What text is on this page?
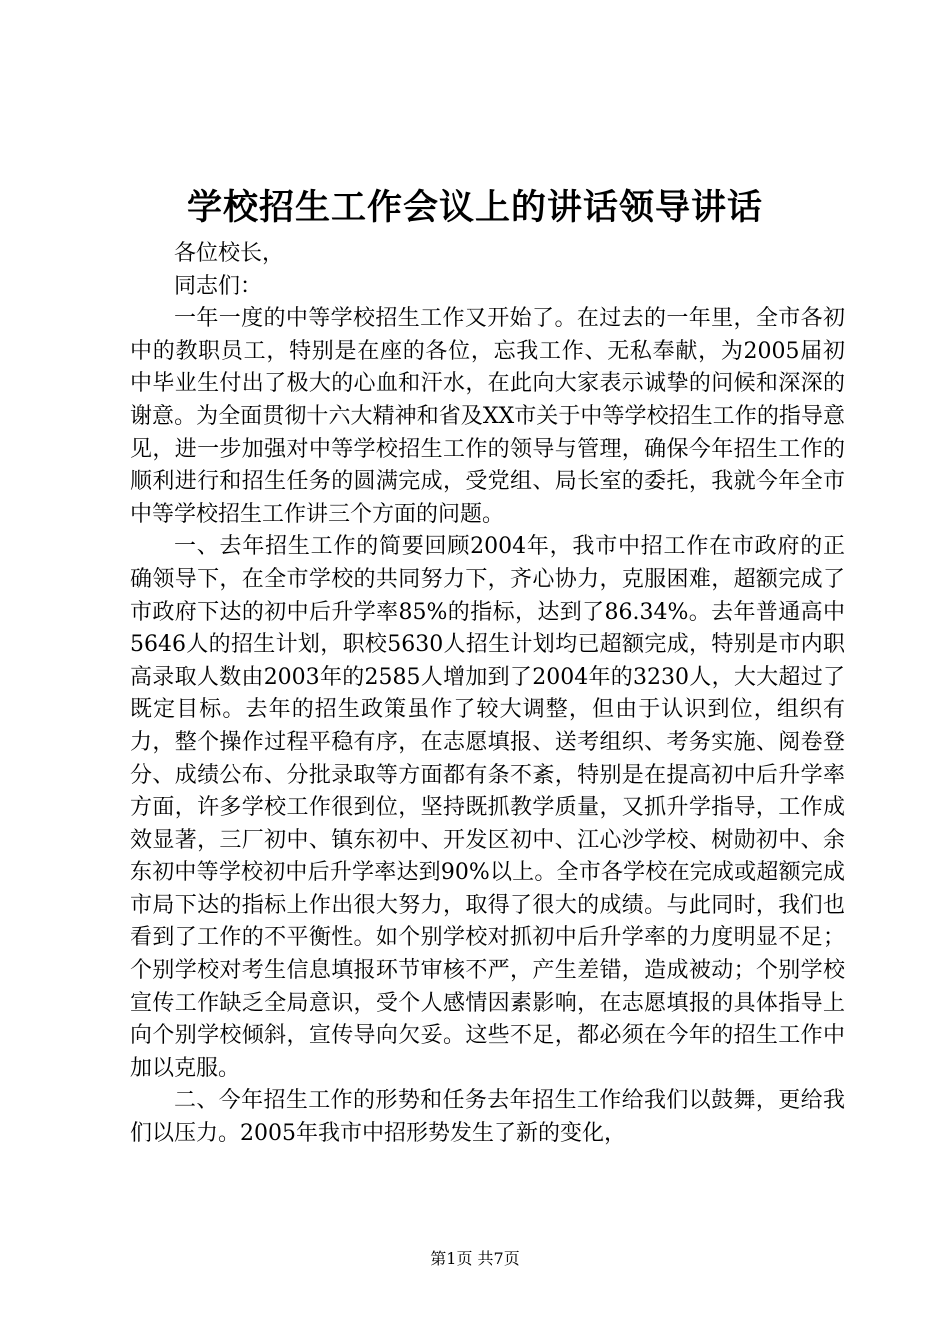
学校招生工作会议上的讲话领导讲话

各位校长，

同志们：

一年一度的中等学校招生工作又开始了。在过去的一年里，全市各初中的教职员工，特别是在座的各位，忘我工作、无私奉献，为2005届初中毕业生付出了极大的心血和汗水，在此向大家表示诚挚的问候和深深的谢意。为全面贯彻十六大精神和省及XX市关于中等学校招生工作的指导意见，进一步加强对中等学校招生工作的领导与管理，确保今年招生工作的顺利进行和招生任务的圆满完成，受党组、局长室的委托，我就今年全市中等学校招生工作讲三个方面的问题。

一、去年招生工作的简要回顾2004年，我市中招工作在市政府的正确领导下，在全市学校的共同努力下，齐心协力，克服困难，超额完成了市政府下达的初中后升学率85%的指标，达到了86.34%。去年普通高中5646人的招生计划，职校5630人招生计划均已超额完成，特别是市内职高录取人数由2003年的2585人增加到了2004年的3230人，大大超过了既定目标。去年的招生政策虽作了较大调整，但由于认识到位，组织有力，整个操作过程平稳有序，在志愿填报、送考组织、考务实施、阅卷登分、成绩公布、分批录取等方面都有条不紊，特别是在提高初中后升学率方面，许多学校工作很到位，坚持既抓教学质量，又抓升学指导，工作成效显著，三厂初中、镇东初中、开发区初中、江心沙学校、树勋初中、余东初中等学校初中后升学率达到90%以上。全市各学校在完成或超额完成市局下达的指标上作出很大努力，取得了很大的成绩。与此同时，我们也看到了工作的不平衡性。如个别学校对抓初中后升学率的力度明显不足；个别学校对考生信息填报环节审核不严，产生差错，造成被动；个别学校宣传工作缺乏全局意识，受个人感情因素影响，在志愿填报的具体指导上向个别学校倾斜，宣传导向欠妥。这些不足，都必须在今年的招生工作中加以克服。

二、今年招生工作的形势和任务去年招生工作给我们以鼓舞，更给我们以压力。2005年我市中招形势发生了新的变化，

第1页 共7页
